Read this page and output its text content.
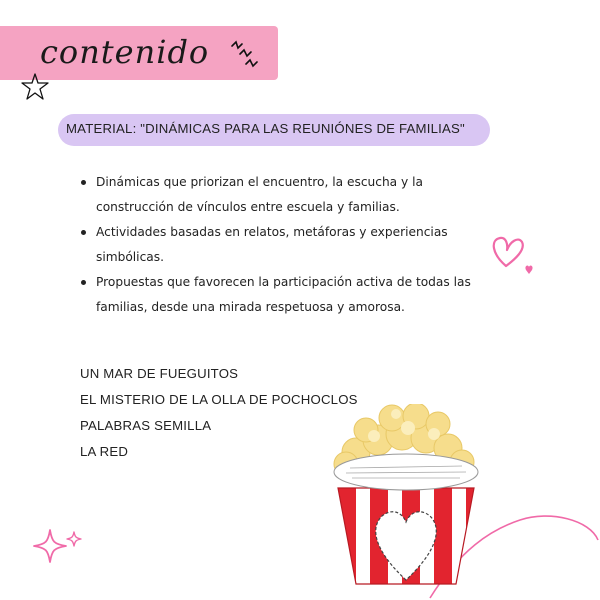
contenido
MATERIAL: "DINÁMICAS PARA LAS REUNIÓNES DE FAMILIAS"
Dinámicas que priorizan el encuentro, la escucha y la construcción de vínculos entre escuela y familias.
Actividades basadas en relatos, metáforas y experiencias simbólicas.
Propuestas que favorecen la participación activa de todas las familias, desde una mirada respetuosa y amorosa.
UN MAR DE FUEGUITOS
EL MISTERIO DE LA OLLA DE POCHOCLOS
PALABRAS SEMILLA
LA RED
